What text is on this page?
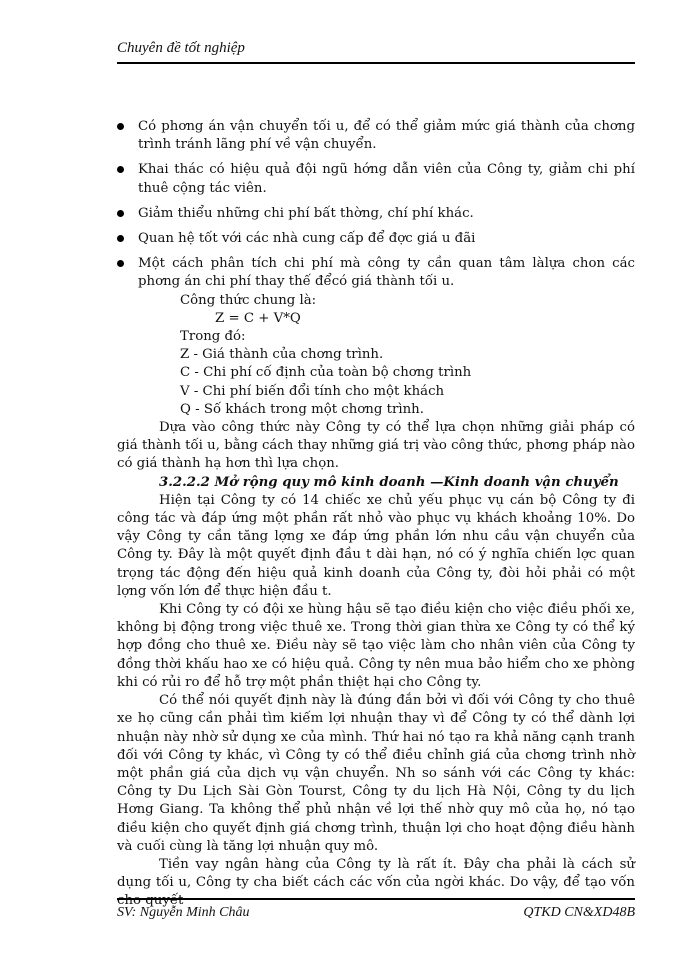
Chuyên đề tốt nghiệp
Có phơng án vận chuyển tối u, để có thể giảm mức giá thành của chơng trình tránh lãng phí về vận chuyển.
Khai thác có hiệu quả đội ngũ hớng dẫn viên của Công ty, giảm chi phí thuê cộng tác viên.
Giảm thiểu những chi phí bất thờng, chí phí khác.
Quan hệ tốt với các nhà cung cấp để đợc giá u đãi
Một cách phân tích chi phí mà công ty cần quan tâm làlựa chon các phơng án chi phí thay thế đểcó giá thành tối u.
Công thức chung là:
Z = C + V*Q
Trong đó:
Z - Giá thành của chơng trình.
C - Chi phí cố định của toàn bộ chơng trình
V - Chi phí biến đổi tính cho một khách
Q - Số khách trong một chơng trình.

Dựa vào công thức này Công ty có thể lựa chọn những giải pháp có giá thành tối u, bằng cách thay những giá trị vào công thức, phơng pháp nào có giá thành hạ hơn thì lựa chọn.

3.2.2.2 Mở rộng quy mô kinh doanh —Kinh doanh vận chuyển

Hiện tại Công ty có 14 chiếc xe chủ yếu phục vụ cán bộ Công ty đi công tác và đáp ứng một phần rất nhỏ vào phục vụ khách khoảng 10%. Do vậy Công ty cần tăng lợng xe đáp ứng phần lớn nhu cầu vận chuyển của Công ty. Đây là một quyết định đầu t dài hạn, nó có ý nghĩa chiến lợc quan trọng tác động đến hiệu quả kinh doanh của Công ty, đòi hỏi phải có một lợng vốn lớn để thực hiện đầu t.

Khi Công ty có đội xe hùng hậu sẽ tạo điều kiện cho việc điều phối xe, không bị động trong việc thuê xe. Trong thời gian thừa xe Công ty có thể ký hợp đồng cho thuê xe. Điều này sẽ tạo việc làm cho nhân viên của Công ty đồng thời khấu hao xe có hiệu quả. Công ty nên mua bảo hiểm cho xe phòng khi có rủi ro để hỗ trợ một phần thiệt hại cho Công ty.

Có thể nói quyết định này là đúng đắn bởi vì đối với Công ty cho thuê xe họ cũng cần phải tìm kiếm lợi nhuận thay vì để Công ty có thể dành lợi nhuận này nhờ sử dụng xe của mình. Thứ hai nó tạo ra khả năng cạnh tranh đối với Công ty khác, vì Công ty có thể điều chỉnh giá của chơng trình nhờ một phần giá của dịch vụ vận chuyển. Nh so sánh với các Công ty khác: Công ty Du Lịch Sài Gòn Tourst, Công ty du lịch Hà Nội, Công ty du lịch Hơng Giang. Ta không thể phủ nhận về lợi thế nhờ quy mô của họ, nó tạo điều kiện cho quyết định giá chơng trình, thuận lợi cho hoạt động điều hành và cuối cùng là tăng lợi nhuận quy mô.

Tiền vay ngân hàng của Công ty là rất ít. Đây cha phải là cách sử dụng tối u, Công ty cha biết cách các vốn của ngời khác. Do vậy, để tạo vốn cho quyết

SV: Nguyễn Minh Châu	QTKD CN&XD48B
